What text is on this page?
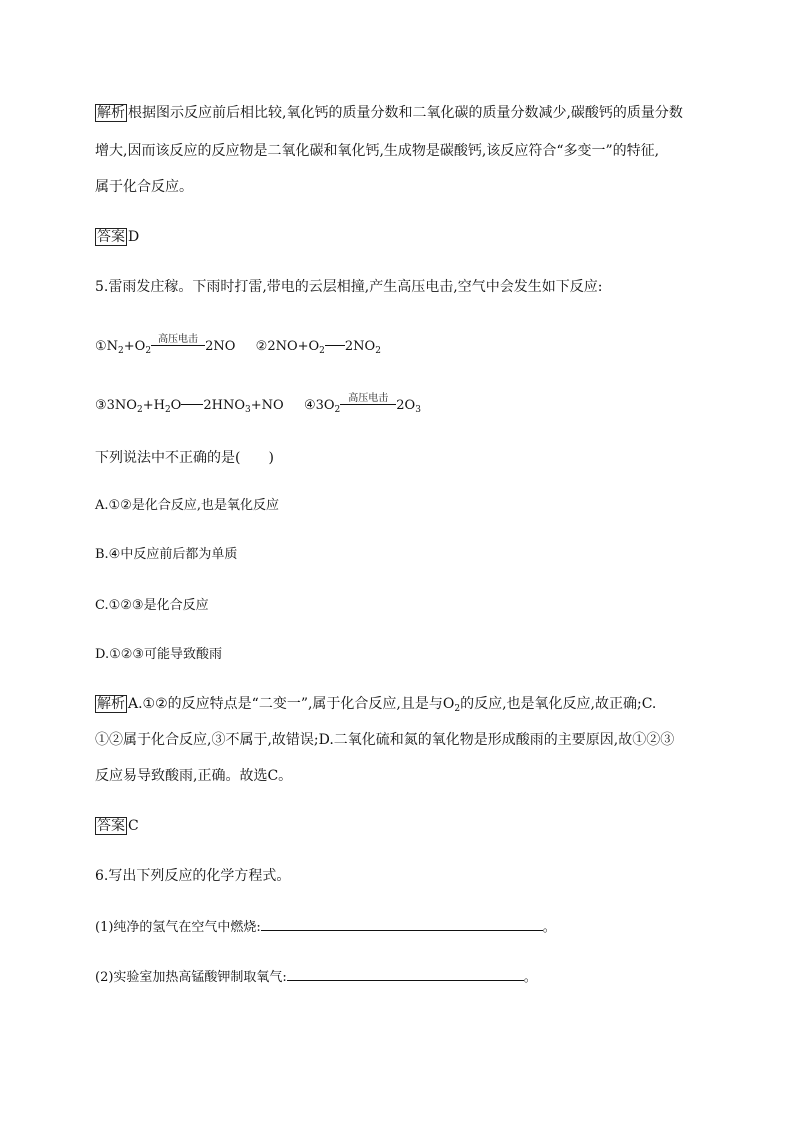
解析 根据图示反应前后相比较,氧化钙的质量分数和二氧化碳的质量分数减少,碳酸钙的质量分数
增大,因而该反应的反应物是二氧化碳和氧化钙,生成物是碳酸钙,该反应符合“多变一”的特征,
属于化合反应。
答案 D
5.雷雨发庄稼。下雨时打雷,带电的云层相撞,产生高压电击,空气中会发生如下反应:
$①N_2+O_2$
高压电击 2NO $②2NO+O_2$ $2NO_2$
$③3NO_2+H_2O$ $2HNO_3+NO$ $④3O_2$
高压电击 $2O_3$
下列说法中不正确的是(　　)
A.①②是化合反应,也是氧化反应
B.④中反应前后都为单质
C.①②③是化合反应
D.①②③可能导致酸雨
解析 A.①②的反应特点是“二变一”,属于化合反应,且是与$O_2$的反应,也是氧化反应,故正确;C.
①②属于化合反应,③不属于,故错误;D.二氧化硫和氮的氧化物是形成酸雨的主要原因,故①②③
反应易导致酸雨,正确。故选C。
答案 C
6.写出下列反应的化学方程式。
(1)纯净的氢气在空气中燃烧:	。
(2)实验室加热高锰酸钾制取氧气:	。
